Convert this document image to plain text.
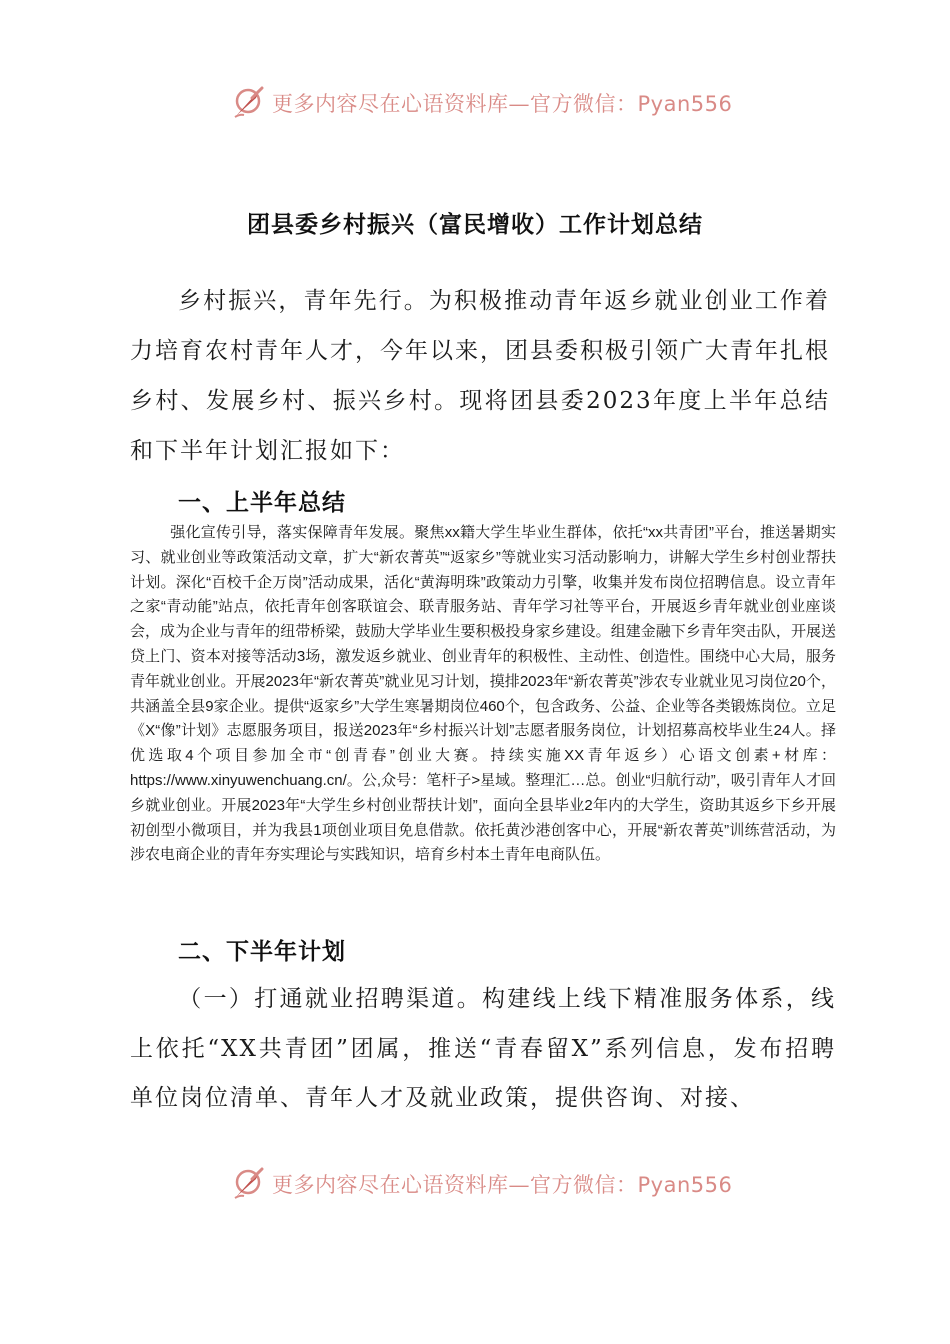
更多内容尽在心语资料库—官方微信：Pyan556
团县委乡村振兴（富民增收）工作计划总结
乡村振兴，青年先行。为积极推动青年返乡就业创业工作着力培育农村青年人才，今年以来，团县委积极引领广大青年扎根乡村、发展乡村、振兴乡村。现将团县委2023年度上半年总结和下半年计划汇报如下：
一、上半年总结
强化宣传引导，落实保障青年发展。聚焦xx籍大学生毕业生群体，依托“xx共青团”平台，推送暑期实习、就业创业等政策活动文章，扩大“新农菁英”“返家乡”等就业实习活动影响力，讲解大学生乡村创业帮扶计划。深化“百校千企万岗”活动成果，活化“黄海明珠”政策动力引擎，收集并发布岗位招聘信息。设立青年之家“青动能”站点，依托青年创客联谊会、联青服务站、青年学习社等平台，开展返乡青年就业创业座谈会，成为企业与青年的纽带桥梁，鼓励大学毕业生要积极投身家乡建设。组建金融下乡青年突击队，开展送贷上门、资本对接等活动3场，激发返乡就业、创业青年的积极性、主动性、创造性。围绕中心大局，服务青年就业创业。开展2023年“新农菁英”就业见习计划，摸排2023年“新农菁英”涉农专业就业见习岗位20个，共涵盖全县9家企业。提供“返家乡”大学生寒暑期岗位460个，包含政务、公益、企业等各类锻炼岗位。立足《X“像”计划》志愿服务项目，报送2023年“乡村振兴计划”志愿者服务岗位，计划招募高校毕业生24人。择优选取4个项目参加全市“创青春”创业大赛。持续实施XX青年返乡）心语文创素+材库：https://www.xinyuwenchuang.cn/。公,众号：笔杆子>星域。整理汇…总。创业“归航行动”，吸引青年人才回乡就业创业。开展2023年“大学生乡村创业帮扶计划”，面向全县毕业2年内的大学生，资助其返乡下乡开展初创型小微项目，并为我县1项创业项目免息借款。依托黄沙港创客中心，开展“新农菁英”训练营活动，为涉农电商企业的青年夯实理论与实践知识，培育乡村本土青年电商队伍。
二、下半年计划
（一）打通就业招聘渠道。构建线上线下精准服务体系，线上依托“XX共青团”团属，推送“青春留X”系列信息，发布招聘单位岗位清单、青年人才及就业政策，提供咨询、对接、
更多内容尽在心语资料库—官方微信：Pyan556
